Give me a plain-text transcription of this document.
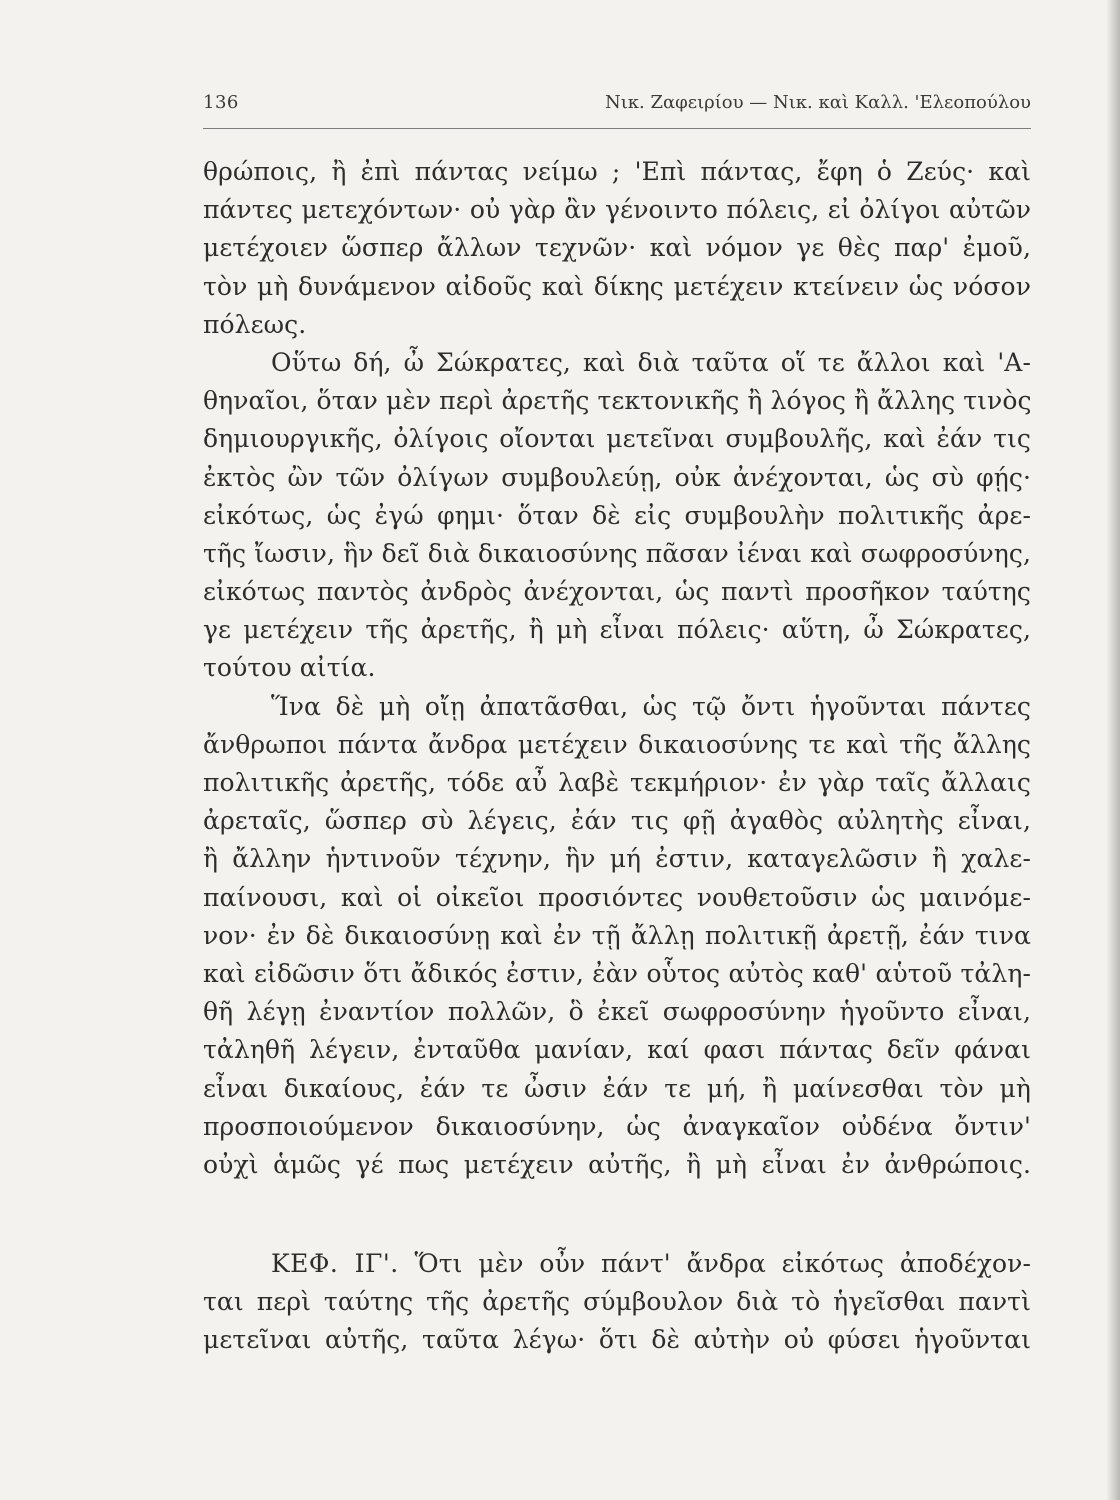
136	Νικ. Ζαφειρίου — Νικ. καὶ Καλλ. 'Ελεοπούλου
θρώποις, ἢ ἐπὶ πάντας νείμω ; 'Επὶ πάντας, ἔφη ὁ Ζεύς· καὶ
πάντες μετεχόντων· οὐ γὰρ ἂν γένοιντο πόλεις, εἰ ὀλίγοι αὐτῶν
μετέχοιεν ὥσπερ ἄλλων τεχνῶν· καὶ νόμον γε θὲς παρ' ἐμοῦ,
τὸν μὴ δυνάμενον αἰδοῦς καὶ δίκης μετέχειν κτείνειν ὡς νόσον
πόλεως.
Οὕτω δή, ὦ Σώκρατες, καὶ διὰ ταῦτα οἵ τε ἄλλοι καὶ 'Α-
θηναῖοι, ὅταν μὲν περὶ ἀρετῆς τεκτονικῆς ἢ λόγος ἢ ἄλλης τινὸς
δημιουργικῆς, ὀλίγοις οἴονται μετεῖναι συμβουλῆς, καὶ ἐάν τις
ἐκτὸς ὢν τῶν ὀλίγων συμβουλεύῃ, οὐκ ἀνέχονται, ὡς σὺ φῄς·
εἰκότως, ὡς ἐγώ φημι· ὅταν δὲ εἰς συμβουλὴν πολιτικῆς ἀρε-
τῆς ἴωσιν, ἣν δεῖ διὰ δικαιοσύνης πᾶσαν ἰέναι καὶ σωφροσύνης,
εἰκότως παντὸς ἀνδρὸς ἀνέχονται, ὡς παντὶ προσῆκον ταύτης
γε μετέχειν τῆς ἀρετῆς, ἢ μὴ εἶναι πόλεις· αὕτη, ὦ Σώκρατες,
τούτου αἰτία.
Ἵνα δὲ μὴ οἴῃ ἀπατᾶσθαι, ὡς τῷ ὄντι ἡγοῦνται πάντες
ἄνθρωποι πάντα ἄνδρα μετέχειν δικαιοσύνης τε καὶ τῆς ἄλλης
πολιτικῆς ἀρετῆς, τόδε αὖ λαβὲ τεκμήριον· ἐν γὰρ ταῖς ἄλλαις
ἀρεταῖς, ὥσπερ σὺ λέγεις, ἐάν τις φῇ ἀγαθὸς αὐλητὴς εἶναι,
ἢ ἄλλην ἡντινοῦν τέχνην, ἣν μή ἐστιν, καταγελῶσιν ἢ χαλε-
παίνουσι, καὶ οἱ οἰκεῖοι προσιόντες νουθετοῦσιν ὡς μαινόμε-
νον· ἐν δὲ δικαιοσύνῃ καὶ ἐν τῇ ἄλλῃ πολιτικῇ ἀρετῇ, ἐάν τινα
καὶ εἰδῶσιν ὅτι ἄδικός ἐστιν, ἐὰν οὗτος αὐτὸς καθ' αὑτοῦ τἀλη-
θῆ λέγῃ ἐναντίον πολλῶν, ὃ ἐκεῖ σωφροσύνην ἡγοῦντο εἶναι,
τἀληθῆ λέγειν, ἐνταῦθα μανίαν, καί φασι πάντας δεῖν φάναι
εἶναι δικαίους, ἐάν τε ὦσιν ἐάν τε μή, ἢ μαίνεσθαι τὸν μὴ
προσποιούμενον δικαιοσύνην, ὡς ἀναγκαῖον οὐδένα ὄντιν'
οὐχὶ ἁμῶς γέ πως μετέχειν αὐτῆς, ἢ μὴ εἶναι ἐν ἀνθρώποις.
ΚΕΦ. ΙΓ'. Ὅτι μὲν οὖν πάντ' ἄνδρα εἰκότως ἀποδέχον-
ται περὶ ταύτης τῆς ἀρετῆς σύμβουλον διὰ τὸ ἡγεῖσθαι παντὶ
μετεῖναι αὐτῆς, ταῦτα λέγω· ὅτι δὲ αὐτὴν οὐ φύσει ἡγοῦνται
